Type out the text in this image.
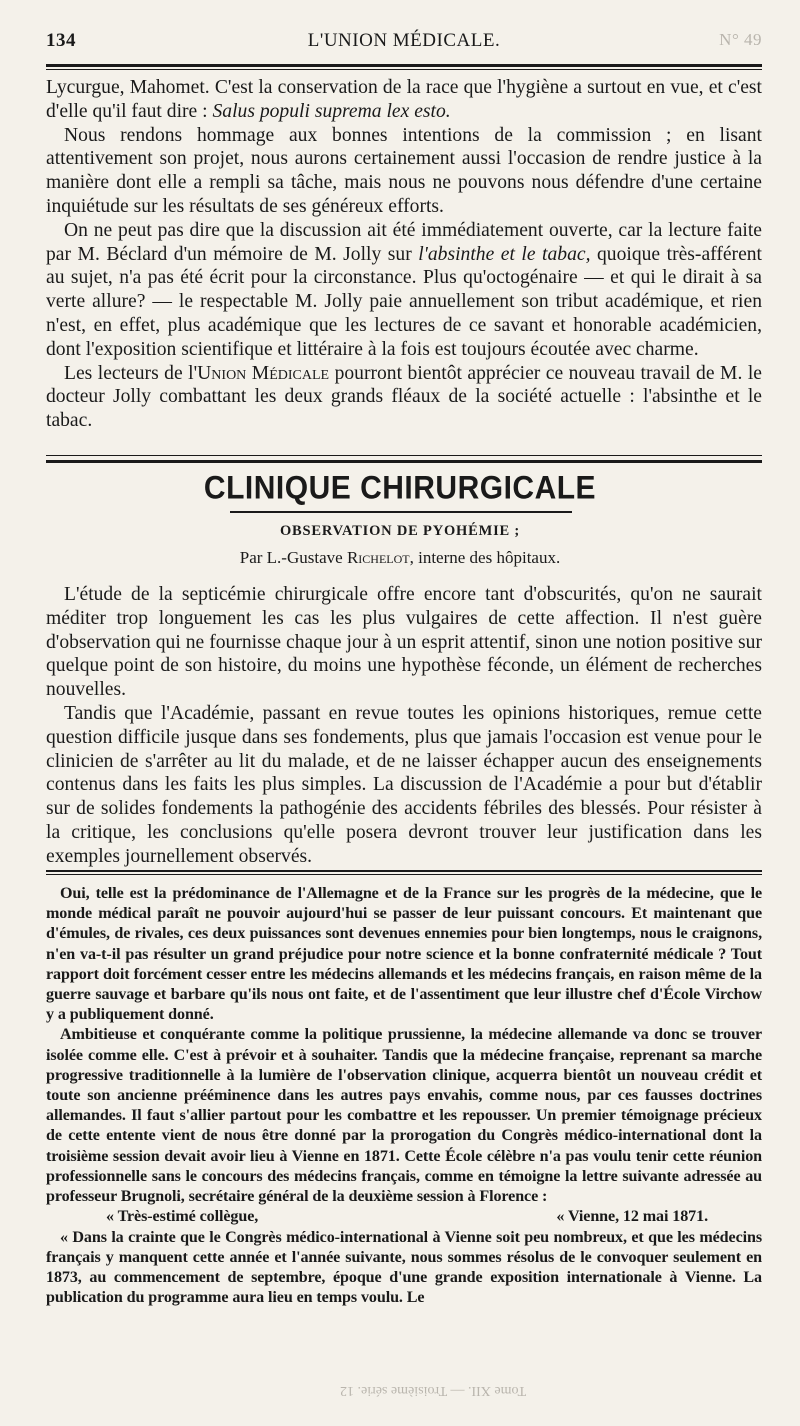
134	L'UNION MÉDICALE.	N° 49

Lycurgue, Mahomet. C'est la conservation de la race que l'hygiène a surtout en vue, et c'est d'elle qu'il faut dire : Salus populi suprema lex esto.

Nous rendons hommage aux bonnes intentions de la commission ; en lisant attentivement son projet, nous aurons certainement aussi l'occasion de rendre justice à la manière dont elle a rempli sa tâche, mais nous ne pouvons nous défendre d'une certaine inquiétude sur les résultats de ses généreux efforts.

On ne peut pas dire que la discussion ait été immédiatement ouverte, car la lecture faite par M. Béclard d'un mémoire de M. Jolly sur l'absinthe et le tabac, quoique très-afférent au sujet, n'a pas été écrit pour la circonstance. Plus qu'octogénaire — et qui le dirait à sa verte allure? — le respectable M. Jolly paie annuellement son tribut académique, et rien n'est, en effet, plus académique que les lectures de ce savant et honorable académicien, dont l'exposition scientifique et littéraire à la fois est toujours écoutée avec charme.

Les lecteurs de l'Union Médicale pourront bientôt apprécier ce nouveau travail de M. le docteur Jolly combattant les deux grands fléaux de la société actuelle : l'absinthe et le tabac.

CLINIQUE CHIRURGICALE
OBSERVATION DE PYOHÉMIE ;
Par L.-Gustave Richelot, interne des hôpitaux.

L'étude de la septicémie chirurgicale offre encore tant d'obscurités, qu'on ne saurait méditer trop longuement les cas les plus vulgaires de cette affection. Il n'est guère d'observation qui ne fournisse chaque jour à un esprit attentif, sinon une notion positive sur quelque point de son histoire, du moins une hypothèse féconde, un élément de recherches nouvelles.

Tandis que l'Académie, passant en revue toutes les opinions historiques, remue cette question difficile jusque dans ses fondements, plus que jamais l'occasion est venue pour le clinicien de s'arrêter au lit du malade, et de ne laisser échapper aucun des enseignements contenus dans les faits les plus simples. La discussion de l'Académie a pour but d'établir sur de solides fondements la pathogénie des accidents fébriles des blessés. Pour résister à la critique, les conclusions qu'elle posera devront trouver leur justification dans les exemples journellement observés.

Oui, telle est la prédominance de l'Allemagne et de la France sur les progrès de la médecine, que le monde médical paraît ne pouvoir aujourd'hui se passer de leur puissant concours. Et maintenant que d'émules, de rivales, ces deux puissances sont devenues ennemies pour bien longtemps, nous le craignons, n'en va-t-il pas résulter un grand préjudice pour notre science et la bonne confraternité médicale ? Tout rapport doit forcément cesser entre les médecins allemands et les médecins français, en raison même de la guerre sauvage et barbare qu'ils nous ont faite, et de l'assentiment que leur illustre chef d'École Virchow y a publiquement donné.

Ambitieuse et conquérante comme la politique prussienne, la médecine allemande va donc se trouver isolée comme elle. C'est à prévoir et à souhaiter. Tandis que la médecine française, reprenant sa marche progressive traditionnelle à la lumière de l'observation clinique, acquerra bientôt un nouveau crédit et toute son ancienne prééminence dans les autres pays envahis, comme nous, par ces fausses doctrines allemandes. Il faut s'allier partout pour les combattre et les repousser. Un premier témoignage précieux de cette entente vient de nous être donné par la prorogation du Congrès médico-international dont la troisième session devait avoir lieu à Vienne en 1871. Cette École célèbre n'a pas voulu tenir cette réunion professionnelle sans le concours des médecins français, comme en témoigne la lettre suivante adressée au professeur Brugnoli, secrétaire général de la deuxième session à Florence :

« Vienne, 12 mai 1871.

« Très-estimé collègue,

« Dans la crainte que le Congrès médico-international à Vienne soit peu nombreux, et que les médecins français y manquent cette année et l'année suivante, nous sommes résolus de le convoquer seulement en 1873, au commencement de septembre, époque d'une grande exposition internationale à Vienne. La publication du programme aura lieu en temps voulu. Le

Tome XII. — Troisième série. 12
